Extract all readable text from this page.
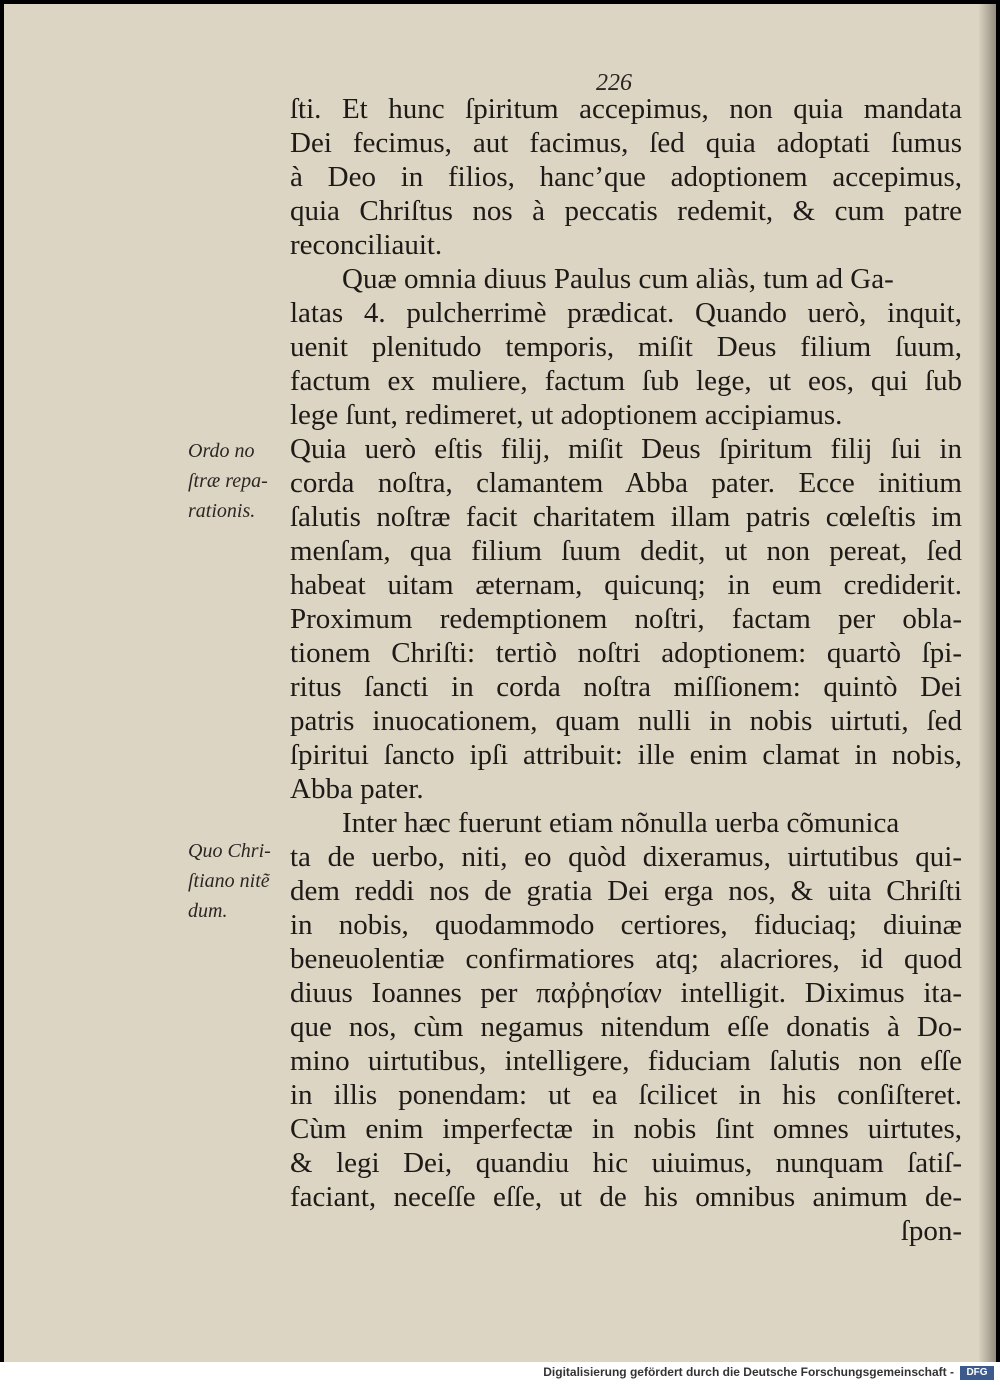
226
ſti. Et hunc ſpiritum accepimus, non quia mandata
Dei fecimus, aut facimus, ſed quia adoptati ſumus
à Deo in filios, hanc’que adoptionem accepimus,
quia Chriſtus nos à peccatis redemit, & cum patre
reconciliauit.
Quæ omnia diuus Paulus cum aliàs, tum ad Ga-
latas 4. pulcherrimè prædicat. Quando uerò, inquit,
uenit plenitudo temporis, miſit Deus filium ſuum,
factum ex muliere, factum ſub lege, ut eos, qui ſub
lege ſunt, redimeret, ut adoptionem accipiamus.
Quia uerò eſtis filij, miſit Deus ſpiritum filij ſui in
corda noſtra, clamantem Abba pater. Ecce initium
ſalutis noſtræ facit charitatem illam patris cœleſtis im
menſam, qua filium ſuum dedit, ut non pereat, ſed
habeat uitam æternam, quicunq; in eum crediderit.
Proximum redemptionem noſtri, factam per obla-
tionem Chriſti: tertiò noſtri adoptionem: quartò ſpi-
ritus ſancti in corda noſtra miſſionem: quintò Dei
patris inuocationem, quam nulli in nobis uirtuti, ſed
ſpiritui ſancto ipſi attribuit: ille enim clamat in nobis,
Abba pater.
Inter hæc fuerunt etiam nõnulla uerba cõmunica
ta de uerbo, niti, eo quòd dixeramus, uirtutibus qui-
dem reddi nos de gratia Dei erga nos, & uita Chriſti
in nobis, quodammodo certiores, fiduciaq; diuinæ
beneuolentiæ confirmatiores atq; alacriores, id quod
diuus Ioannes per παῤῥησίαν intelligit. Diximus ita-
que nos, cùm negamus nitendum eſſe donatis à Do-
mino uirtutibus, intelligere, fiduciam ſalutis non eſſe
in illis ponendam: ut ea ſcilicet in his conſiſteret.
Cùm enim imperfectæ in nobis ſint omnes uirtutes,
& legi Dei, quandiu hic uiuimus, nunquam ſatiſ-
faciant, neceſſe eſſe, ut de his omnibus animum de-
ſpon-
Ordo no
ſtræ repa-
rationis.
Quo Chri-
ſtiano nitẽ
dum.
Digitalisierung gefördert durch die Deutsche Forschungsgemeinschaft -	DFG
